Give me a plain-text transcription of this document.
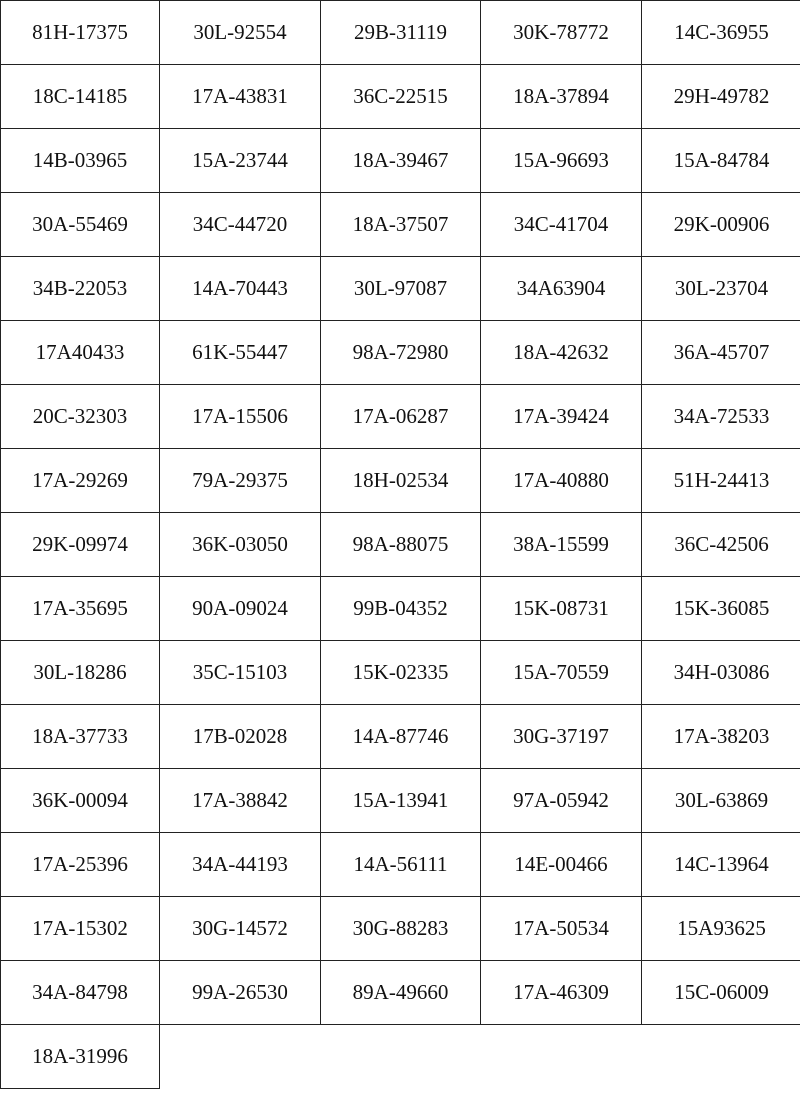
81H-17375	30L-92554	29B-31119	30K-78772	14C-36955
18C-14185	17A-43831	36C-22515	18A-37894	29H-49782
14B-03965	15A-23744	18A-39467	15A-96693	15A-84784
30A-55469	34C-44720	18A-37507	34C-41704	29K-00906
34B-22053	14A-70443	30L-97087	34A63904	30L-23704
17A40433	61K-55447	98A-72980	18A-42632	36A-45707
20C-32303	17A-15506	17A-06287	17A-39424	34A-72533
17A-29269	79A-29375	18H-02534	17A-40880	51H-24413
29K-09974	36K-03050	98A-88075	38A-15599	36C-42506
17A-35695	90A-09024	99B-04352	15K-08731	15K-36085
30L-18286	35C-15103	15K-02335	15A-70559	34H-03086
18A-37733	17B-02028	14A-87746	30G-37197	17A-38203
36K-00094	17A-38842	15A-13941	97A-05942	30L-63869
17A-25396	34A-44193	14A-56111	14E-00466	14C-13964
17A-15302	30G-14572	30G-88283	17A-50534	15A93625
34A-84798	99A-26530	89A-49660	17A-46309	15C-06009
18A-31996				
